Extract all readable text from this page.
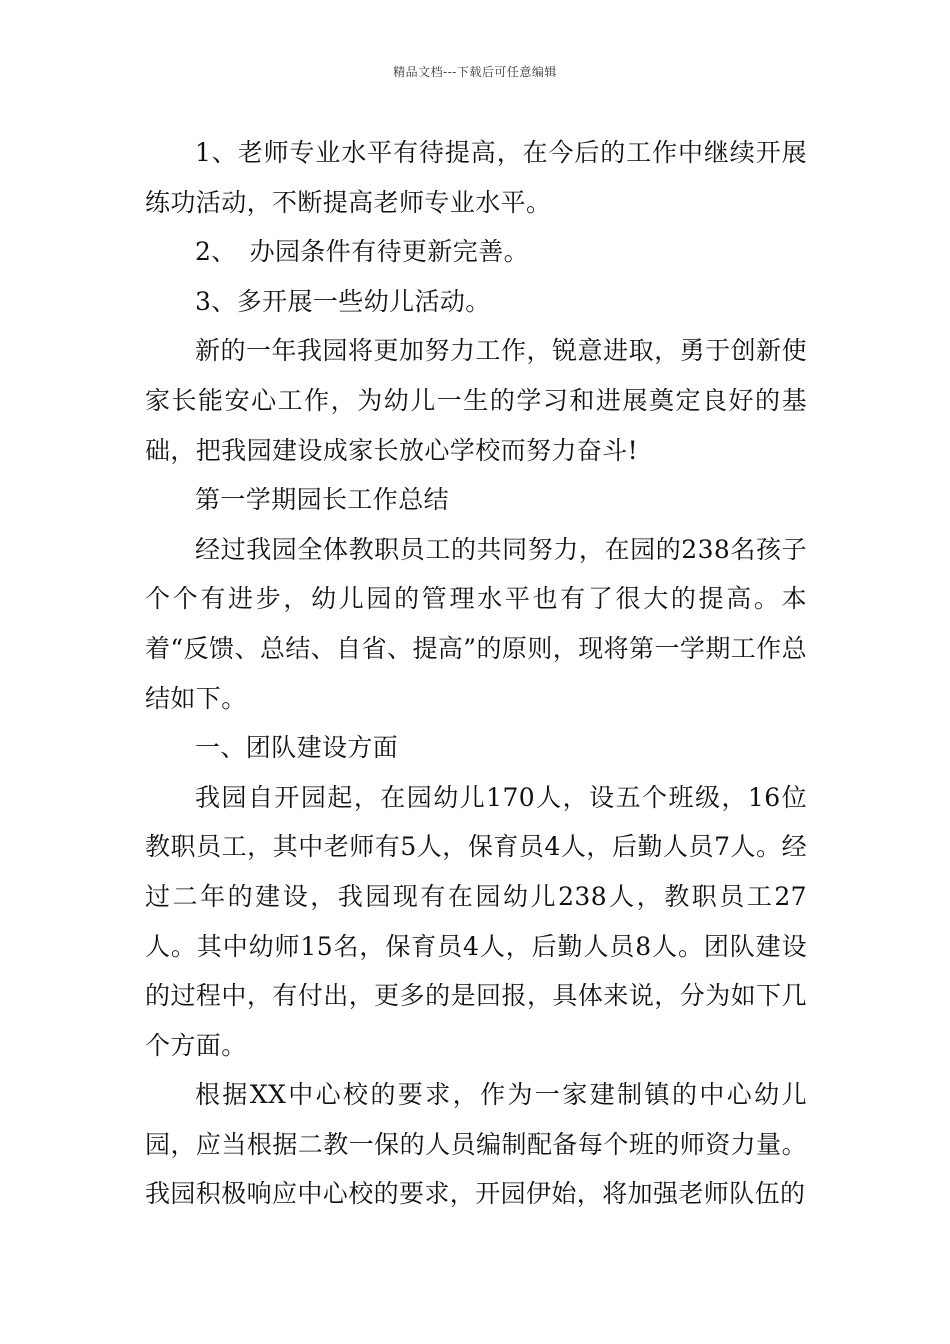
精品文档---下载后可任意编辑

1、老师专业水平有待提高，在今后的工作中继续开展练功活动，不断提高老师专业水平。

2、　办园条件有待更新完善。

3、多开展一些幼儿活动。

新的一年我园将更加努力工作，锐意进取，勇于创新使家长能安心工作，为幼儿一生的学习和进展奠定良好的基础，把我园建设成家长放心学校而努力奋斗!

第一学期园长工作总结

经过我园全体教职员工的共同努力，在园的238名孩子个个有进步，幼儿园的管理水平也有了很大的提高。本着“反馈、总结、自省、提高”的原则，现将第一学期工作总结如下。

一、团队建设方面

我园自开园起，在园幼儿170人，设五个班级，16位教职员工，其中老师有5人，保育员4人，后勤人员7人。经过二年的建设，我园现有在园幼儿238人，教职员工27人。其中幼师15名，保育员4人，后勤人员8人。团队建设的过程中，有付出，更多的是回报，具体来说，分为如下几个方面。

根据XX中心校的要求，作为一家建制镇的中心幼儿园，应当根据二教一保的人员编制配备每个班的师资力量。我园积极响应中心校的要求，开园伊始，将加强老师队伍的
